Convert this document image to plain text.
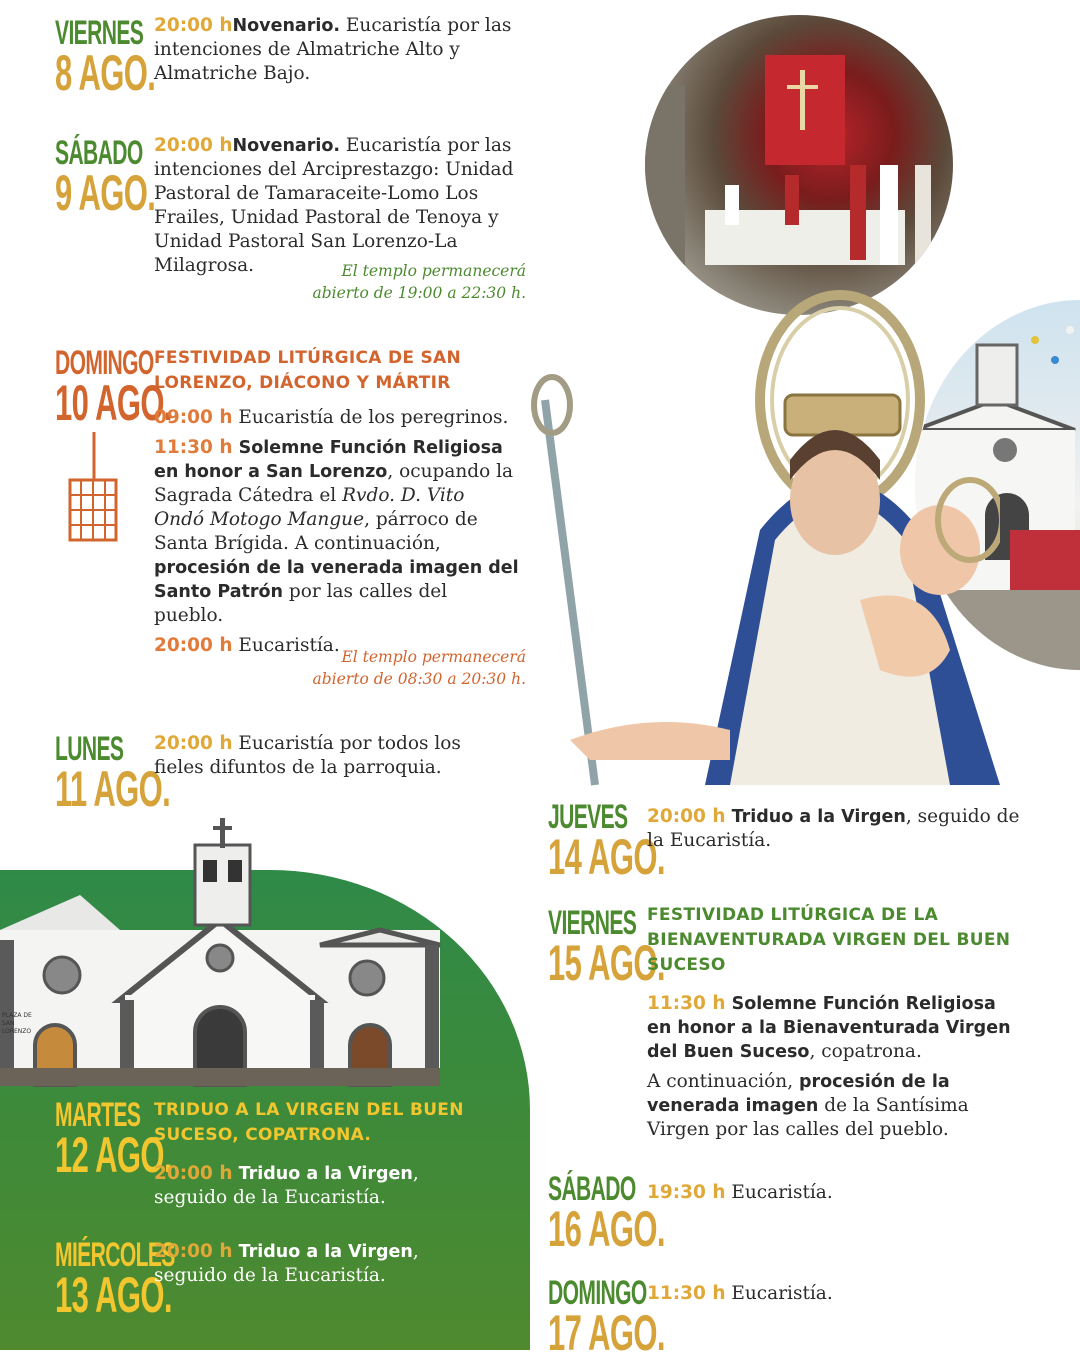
PLAZA DE SAN LORENZO
VIERNES
8 AGO.

20:00 hNovenario. Eucaristía por las intenciones de Almatriche Alto y Almatriche Bajo.

SÁBADO
9 AGO.

20:00 hNovenario. Eucaristía por las intenciones del Arciprestazgo: Unidad Pastoral de Tamaraceite-Lomo Los Frailes, Unidad Pastoral de Tenoya y Unidad Pastoral San Lorenzo-La Milagrosa.	El templo permanecerá
abierto de 19:00 a 22:30 h.
DOMINGO
10 AGO.
FESTIVIDAD LITÚRGICA DE SAN
LORENZO, DIÁCONO Y MÁRTIR

09:00 h Eucaristía de los peregrinos.

11:30 h Solemne Función Religiosa en honor a San Lorenzo, ocupando la Sagrada Cátedra el Rvdo. D. Vito Ondó Motogo Mangue, párroco de Santa Brígida. A continuación, procesión de la venerada imagen del Santo Patrón por las calles del pueblo.

20:00 h Eucaristía.

El templo permanecerá
abierto de 08:30 a 20:30 h.
LUNES
11 AGO.

20:00 h Eucaristía por todos los fieles difuntos de la parroquia.

MARTES
12 AGO.
TRIDUO A LA VIRGEN DEL BUEN
SUCESO, COPATRONA.

20:00 h Triduo a la Virgen, seguido de la Eucaristía.

MIÉRCOLES
13 AGO.

20:00 h Triduo a la Virgen, seguido de la Eucaristía.

JUEVES
14 AGO.

20:00 h Triduo a la Virgen, seguido de la Eucaristía.

VIERNES
15 AGO.
FESTIVIDAD LITÚRGICA DE LA
BIENAVENTURADA VIRGEN DEL BUEN
SUCESO

11:30 h Solemne Función Religiosa en honor a la Bienaventurada Virgen del Buen Suceso, copatrona.

A continuación, procesión de la venerada imagen de la Santísima Virgen por las calles del pueblo.

SÁBADO
16 AGO.

19:30 h Eucaristía.

DOMINGO
17 AGO.

11:30 h Eucaristía.
